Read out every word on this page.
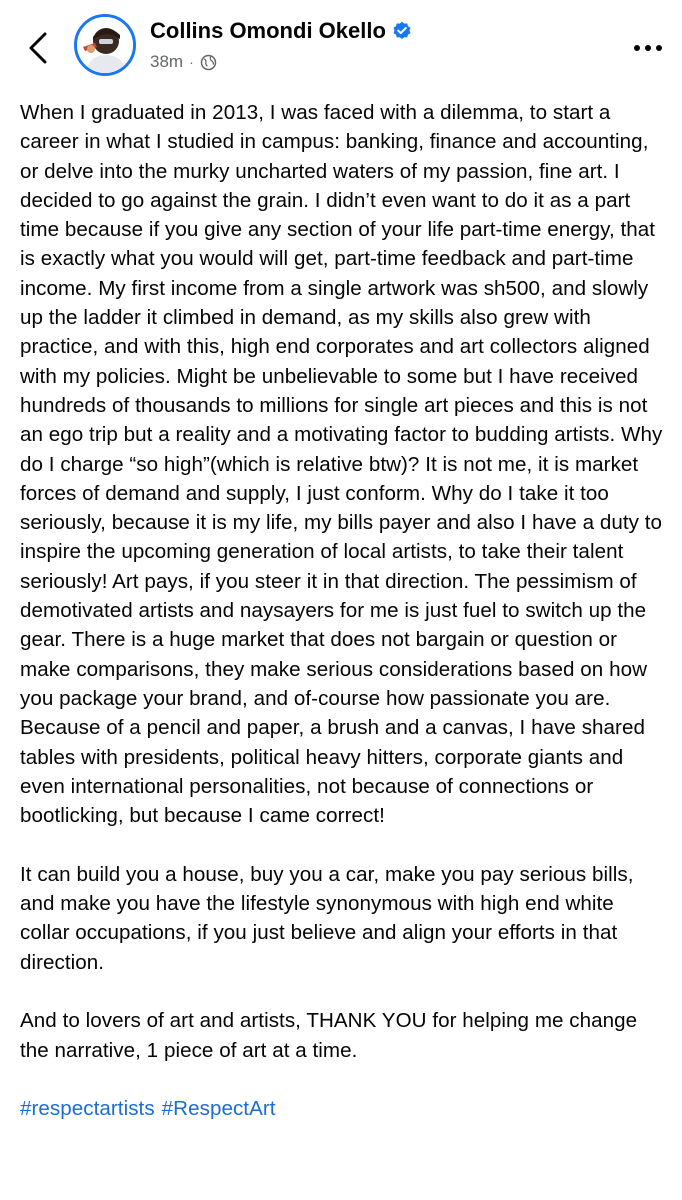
Collins Omondi Okello
38m ·

When I graduated in 2013, I was faced with a dilemma, to start a career in what I studied in campus: banking, finance and accounting, or delve into the murky uncharted waters of my passion, fine art. I decided to go against the grain. I didn’t even want to do it as a part time because if you give any section of your life part-time energy, that is exactly what you would will get, part-time feedback and part-time income. My first income from a single artwork was sh500, and slowly up the ladder it climbed in demand, as my skills also grew with practice, and with this, high end corporates and art collectors aligned with my policies. Might be unbelievable to some but I have received hundreds of thousands to millions for single art pieces and this is not an ego trip but a reality and a motivating factor to budding artists. Why do I charge “so high”(which is relative btw)? It is not me, it is market forces of demand and supply, I just conform. Why do I take it too seriously, because it is my life, my bills payer and also I have a duty to inspire the upcoming generation of local artists, to take their talent seriously! Art pays, if you steer it in that direction. The pessimism of demotivated artists and naysayers for me is just fuel to switch up the gear. There is a huge market that does not bargain or question or make comparisons, they make serious considerations based on how you package your brand, and of-course how passionate you are. Because of a pencil and paper, a brush and a canvas, I have shared tables with presidents, political heavy hitters, corporate giants and even international personalities, not because of connections or bootlicking, but because I came correct!

It can build you a house, buy you a car, make you pay serious bills, and make you have the lifestyle synonymous with high end white collar occupations, if you just believe and align your efforts in that direction.

And to lovers of art and artists, THANK YOU for helping me change the narrative, 1 piece of art at a time.

#respectartists #RespectArt
